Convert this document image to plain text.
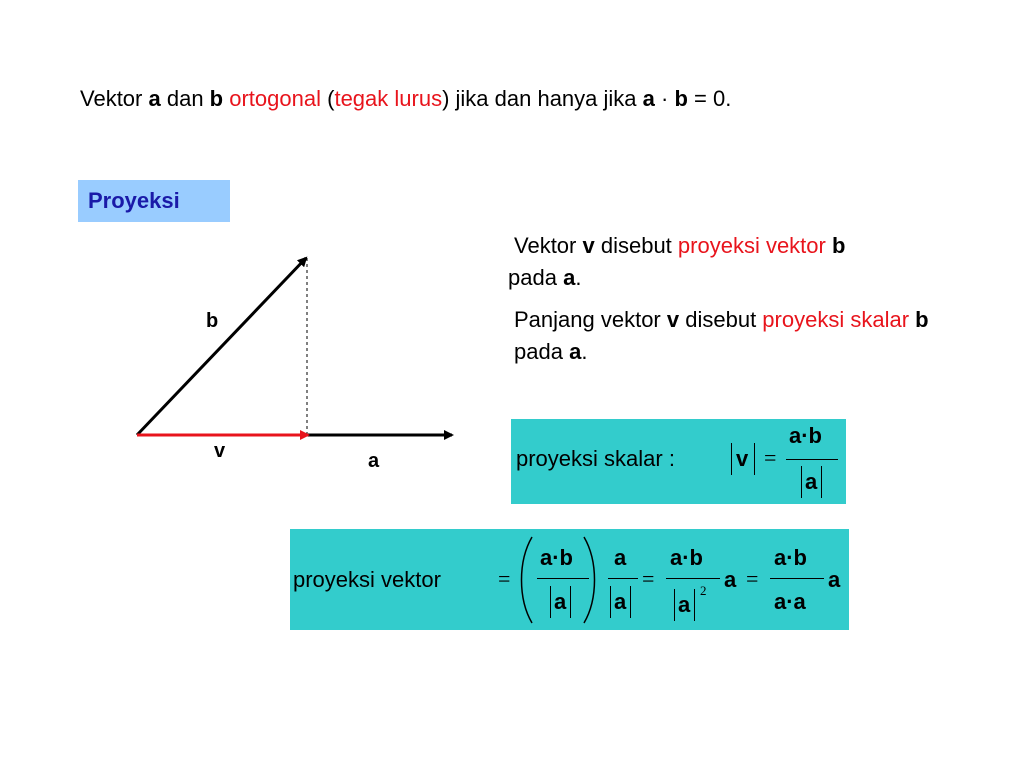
Vektor a dan b ortogonal (tegak lurus) jika dan hanya jika a · b = 0.
Proyeksi
b
v	a

Vektor v disebut proyeksi vektor b
pada a.

Panjang vektor v disebut proyeksi skalar b pada a.

proyeksi skalar :	v =
a·b
a
proyeksi vektor	=
a·b
a
a
a
=
a·b
a
2 a =
a·b
a·a
a
